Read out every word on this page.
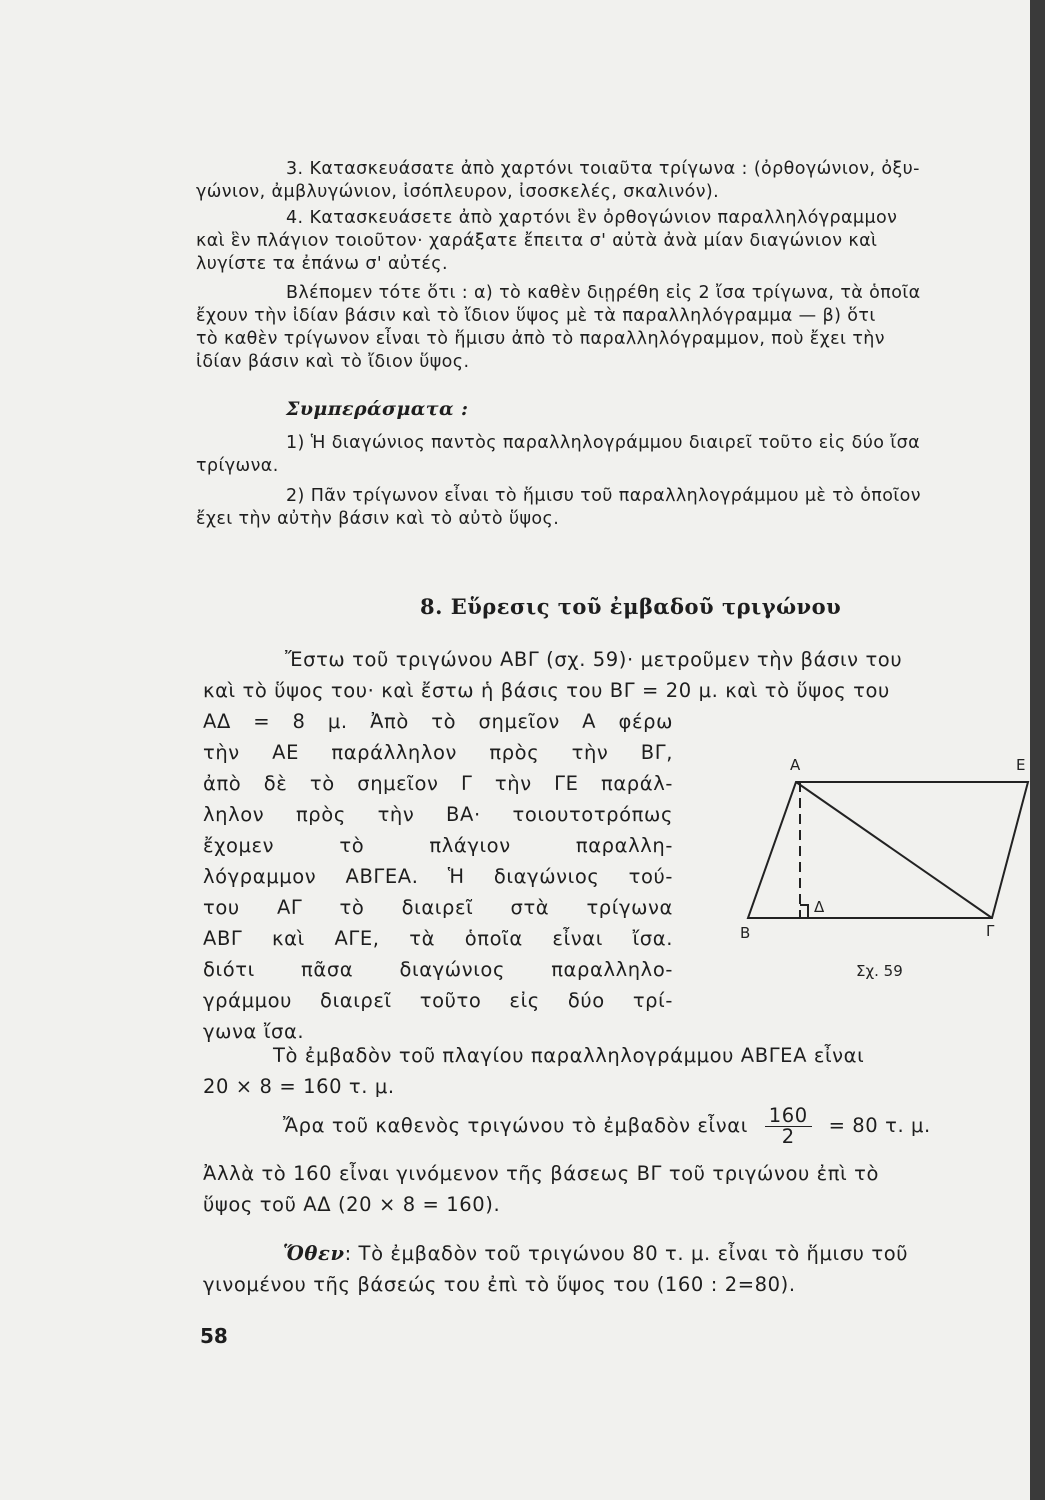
3. Κατασκευάσατε ἀπὸ χαρτόνι τοιαῦτα τρίγωνα : (ὀρθογώνιον, ὀξυ-
γώνιον, ἀμβλυγώνιον, ἰσόπλευρον, ἰσοσκελές, σκαλινόν).
4. Κατασκευάσετε ἀπὸ χαρτόνι ἓν ὀρθογώνιον παραλληλόγραμμον
καὶ ἓν πλάγιον τοιοῦτον· χαράξατε ἔπειτα σ' αὐτὰ ἀνὰ μίαν διαγώνιον καὶ
λυγίστε τα ἐπάνω σ' αὐτές.
Βλέπομεν τότε ὅτι : α) τὸ καθὲν διῃρέθη εἰς 2 ἴσα τρίγωνα, τὰ ὁποῖα
ἔχουν τὴν ἰδίαν βάσιν καὶ τὸ ἴδιον ὕψος μὲ τὰ παραλληλόγραμμα — β) ὅτι
τὸ καθὲν τρίγωνον εἶναι τὸ ἥμισυ ἀπὸ τὸ παραλληλόγραμμον, ποὺ ἔχει τὴν
ἰδίαν βάσιν καὶ τὸ ἴδιον ὕψος.
Συμπεράσματα :
1) Ἡ διαγώνιος παντὸς παραλληλογράμμου διαιρεῖ τοῦτο εἰς δύο ἴσα
τρίγωνα.
2) Πᾶν τρίγωνον εἶναι τὸ ἥμισυ τοῦ παραλληλογράμμου μὲ τὸ ὁποῖον
ἔχει τὴν αὐτὴν βάσιν καὶ τὸ αὐτὸ ὕψος.
8. Εὕρεσις τοῦ ἐμβαδοῦ τριγώνου
Ἔστω τοῦ τριγώνου ΑΒΓ (σχ. 59)· μετροῦμεν τὴν βάσιν του
καὶ τὸ ὕψος του· καὶ ἔστω ἡ βάσις του ΒΓ = 20 μ. καὶ τὸ ὕψος του
ΑΔ = 8 μ. Ἀπὸ τὸ σημεῖον Α φέρω
τὴν ΑΕ παράλληλον πρὸς τὴν ΒΓ,
ἀπὸ δὲ τὸ σημεῖον Γ τὴν ΓΕ παράλ-
ληλον πρὸς τὴν ΒΑ· τοιουτοτρόπως
ἔχομεν τὸ πλάγιον παραλλη-
λόγραμμον ΑΒΓΕΑ. Ἡ διαγώνιος τού-
του ΑΓ τὸ διαιρεῖ στὰ τρίγωνα
ΑΒΓ καὶ ΑΓΕ, τὰ ὁποῖα εἶναι ἴσα.
διότι πᾶσα διαγώνιος παραλληλο-
γράμμου διαιρεῖ τοῦτο εἰς δύο τρί-
γωνα ἴσα.
Α	Ε
Β	Γ
Δ
Σχ. 59
Τὸ ἐμβαδὸν τοῦ πλαγίου παραλληλογράμμου ΑΒΓΕΑ εἶναι
20 × 8 = 160 τ. μ.
Ἄρα τοῦ καθενὸς τριγώνου τὸ ἐμβαδὸν εἶναι $\frac{160}{2} = 80$ τ. μ.
Ἀλλὰ τὸ 160 εἶναι γινόμενον τῆς βάσεως ΒΓ τοῦ τριγώνου ἐπὶ τὸ
ὕψος τοῦ ΑΔ (20 × 8 = 160).
Ὅθεν: Τὸ ἐμβαδὸν τοῦ τριγώνου 80 τ. μ. εἶναι τὸ ἥμισυ τοῦ
γινομένου τῆς βάσεώς του ἐπὶ τὸ ὕψος του (160 : 2=80).
58
